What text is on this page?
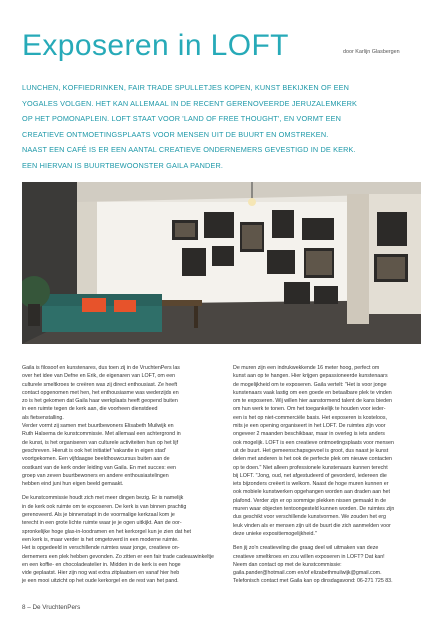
Exposeren in LOFT	door Karlijn Glasbergen
LUNCHEN, KOFFIEDRINKEN, FAIR TRADE SPULLETJES KOPEN, KUNST BEKIJKEN OF EEN
YOGALES VOLGEN. HET KAN ALLEMAAL IN DE RECENT GERENOVEERDE JERUZALEMKERK
OP HET POMONAPLEIN. LOFT STAAT VOOR 'LAND OF FREE THOUGHT', EN VORMT EEN
CREATIEVE ONTMOETINGSPLAATS VOOR MENSEN UIT DE BUURT EN OMSTREKEN.
NAAST EEN CAFÉ IS ER EEN AANTAL CREATIEVE ONDERNEMERS GEVESTIGD IN DE KERK.
EEN HIERVAN IS BUURTBEWOONSTER GAILA PANDER.

Gaila is filosoof en kunstenares, dus toen zij in de VruchtenPers las
over het idee van Defne en Erik, de eigenaren van LOFT, om een
culturele smeltkroes te creëren was zij direct enthousiast. Ze heeft
contact opgenomen met hen, het enthousiasme was wederzijds en
zo is het gekomen dat Gaila haar werkplaats heeft geopend buiten
in een ruimte tegen de kerk aan, die voorheen dienstdeed
als fietsenstalling.
Verder vormt zij samen met buurtbewoners Elisabeth Muilwijk en
Ruth Halsema de kunstcommissie. Met allemaal een achtergrond in
de kunst, is het organiseren van culturele activiteiten hun op het lijf
geschreven. Hieruit is ook het initiatief 'vakantie in eigen stad'
voortgekomen. Een vijfdaagse beeldhouwcursus buiten aan de
oostkant van de kerk onder leiding van Gaila. En met succes: een
groep van zeven buurtbewoners en andere enthousiastelingen
hebben eind juni hun eigen beeld gemaakt.

De kunstcommissie houdt zich met meer dingen bezig. Er is namelijk
in de kerk ook ruimte om te exposeren. De kerk is van binnen prachtig
gerenoveerd. Als je binnenstapt in de voormalige kerkzaal kom je
terecht in een grote lichte ruimte waar je je ogen uitkijkt. Aan de oor-
spronkelijke hoge glas-in-loodramen en het kerkorgel kun je zien dat het
een kerk is, maar verder is het omgetoverd in een moderne ruimte.
Het is opgedeeld in verschillende ruimtes waar jonge, creatieve on-
dernemers een plek hebben gevonden. Zo zitten er een fair trade cadeauwinkeltje
en een koffie- en chocoladeatelier in. Midden in de kerk is een hoge
vide geplaatst. Hier zijn nog wat extra zitplaatsen en vanaf hier heb
je een mooi uitzicht op het oude kerkorgel en de rest van het pand.

De muren zijn een indrukwekkende 16 meter hoog, perfect om
kunst aan op te hangen. Hier krijgen gepassioneerde kunstenaars
de mogelijkheid om te exposeren. Gaila vertelt: "Het is voor jonge
kunstenaars vaak lastig om een goede en betaalbare plek te vinden
om te exposeren. Wij willen hier aanstormend talent de kans bieden
om hun werk te tonen. Om het toegankelijk te houden voor ieder-
een is het op niet-commerciële basis. Het exposeren is kosteloos,
mits je een opening organiseert in het LOFT. De ruimtes zijn voor
ongeveer 2 maanden beschikbaar, maar in overleg is iets anders
ook mogelijk. LOFT is een creatieve ontmoetingsplaats voor mensen
uit de buurt. Het gemeenschapsgevoel is groot, dus naast je kunst
delen met anderen is het ook de perfecte plek om nieuwe contacten
op te doen." Niet alleen professionele kunstenaars kunnen terecht
bij LOFT. "Jong, oud, net afgestudeerd of gevorderd, iedereen die
iets bijzonders creëert is welkom. Naast de hoge muren kunnen er
ook mobiele kunstwerken opgehangen worden aan draden aan het
plafond. Verder zijn er op sommige plekken nissen gemaakt in de
muren waar objecten tentoongesteld kunnen worden. De ruimtes zijn
dus geschikt voor verschillende kunstvormen. We zouden het erg
leuk vinden als er mensen zijn uit de buurt die zich aanmelden voor
deze unieke expositiemogelijkheid."

Ben jij zo'n creatieveling die graag deel wil uitmaken van deze
creatieve smeltkroes en zou willen exposeren in LOFT? Dat kan!
Neem dan contact op met de kunstcommissie:
gaila.pander@hotmail.com en/of elizabethmuilwijk@gmail.com.
Telefonisch contact met Gaila kan op dinsdagavond: 06-271 725 83.

8 – De VruchtenPers
